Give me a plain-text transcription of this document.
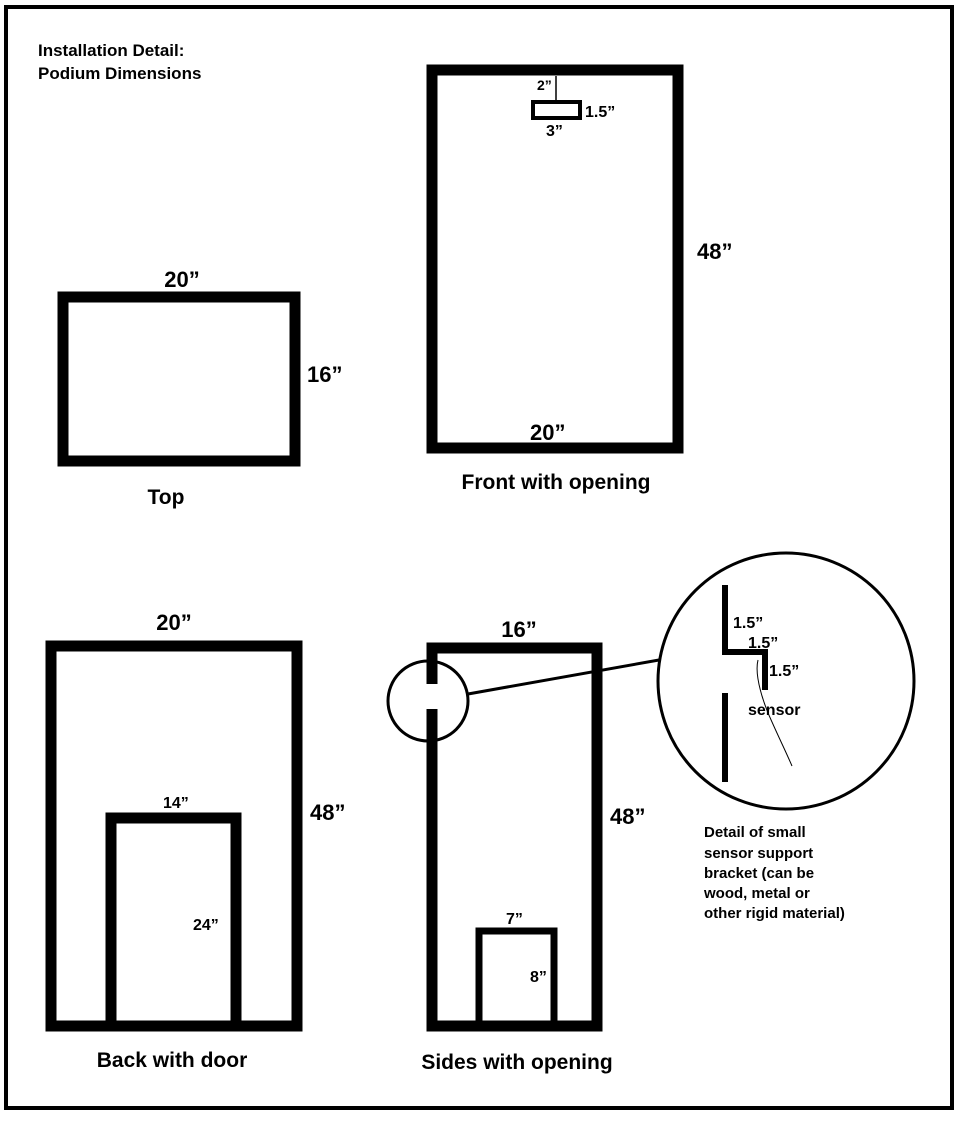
Installation Detail:
Podium Dimensions
20”
16”
Top
2”
1.5”
3”
48”
20”
Front with opening
20”
48”
14”
24”
Back with door
16”
48”
7”
8”
Sides with opening
1.5”
1.5”
1.5”
sensor
Detail of small
sensor support
bracket (can be
wood, metal or
other rigid material)
